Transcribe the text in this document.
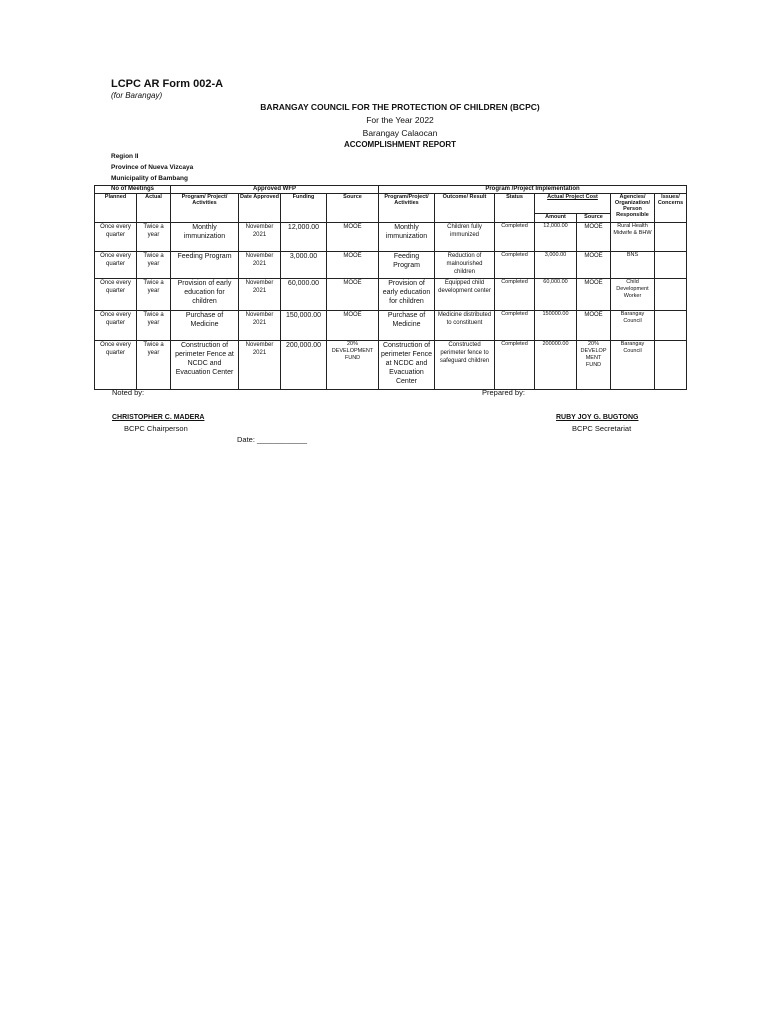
LCPC AR Form 002-A
(for Barangay)
BARANGAY COUNCIL FOR THE PROTECTION OF CHILDREN (BCPC)
For the Year 2022
Barangay Calaocan
ACCOMPLISHMENT REPORT
Region II
Province of Nueva Vizcaya
Municipality of Bambang
No of Meetings		Approved WFP				Program /Project Implementation						
Planned	Actual	Program/ Project/ Activities	Date Approved	Funding	Source	Program/Project/ Activities	Outcome/ Result	Status	Actual Project Cost		Agencies/ Organization/ Person Responsible	Issues/ Concerns
									Amount	Source		
Once every quarter	Twice a year	Monthly immunization	November 2021	12,000.00	MOOE	Monthly immunization	Children fully immunized	Completed	12,000.00	MOOE	Rural Health Midwife & BHW	
Once every quarter	Twice a year	Feeding Program	November 2021	3,000.00	MOOE	Feeding Program	Reduction of malnourished children	Completed	3,000.00	MOOE	BNS	
Once every quarter	Twice a year	Provision of early education for children	November 2021	60,000.00	MOOE	Provision of early education for children	Equipped child development center	Completed	60,000.00	MOOE	Child Development Worker	
Once every quarter	Twice a year	Purchase of Medicine	November 2021	150,000.00	MOOE	Purchase of Medicine	Medicine distributed to constituent	Completed	150000.00	MOOE	Barangay Council	
Once every quarter	Twice a year	Construction of perimeter Fence at NCDC and Evacuation Center	November 2021	200,000.00	20% DEVELOPMENT FUND	Construction of perimeter Fence at NCDC and Evacuation Center	Constructed perimeter fence to safeguard children	Completed	200000.00	20% DEVELOP MENT FUND	Barangay Council	
Noted by:	Prepared by:
CHRISTOPHER C. MADERA	RUBY JOY G. BUGTONG
BCPC Chairperson	BCPC Secretariat
Date: ____________
